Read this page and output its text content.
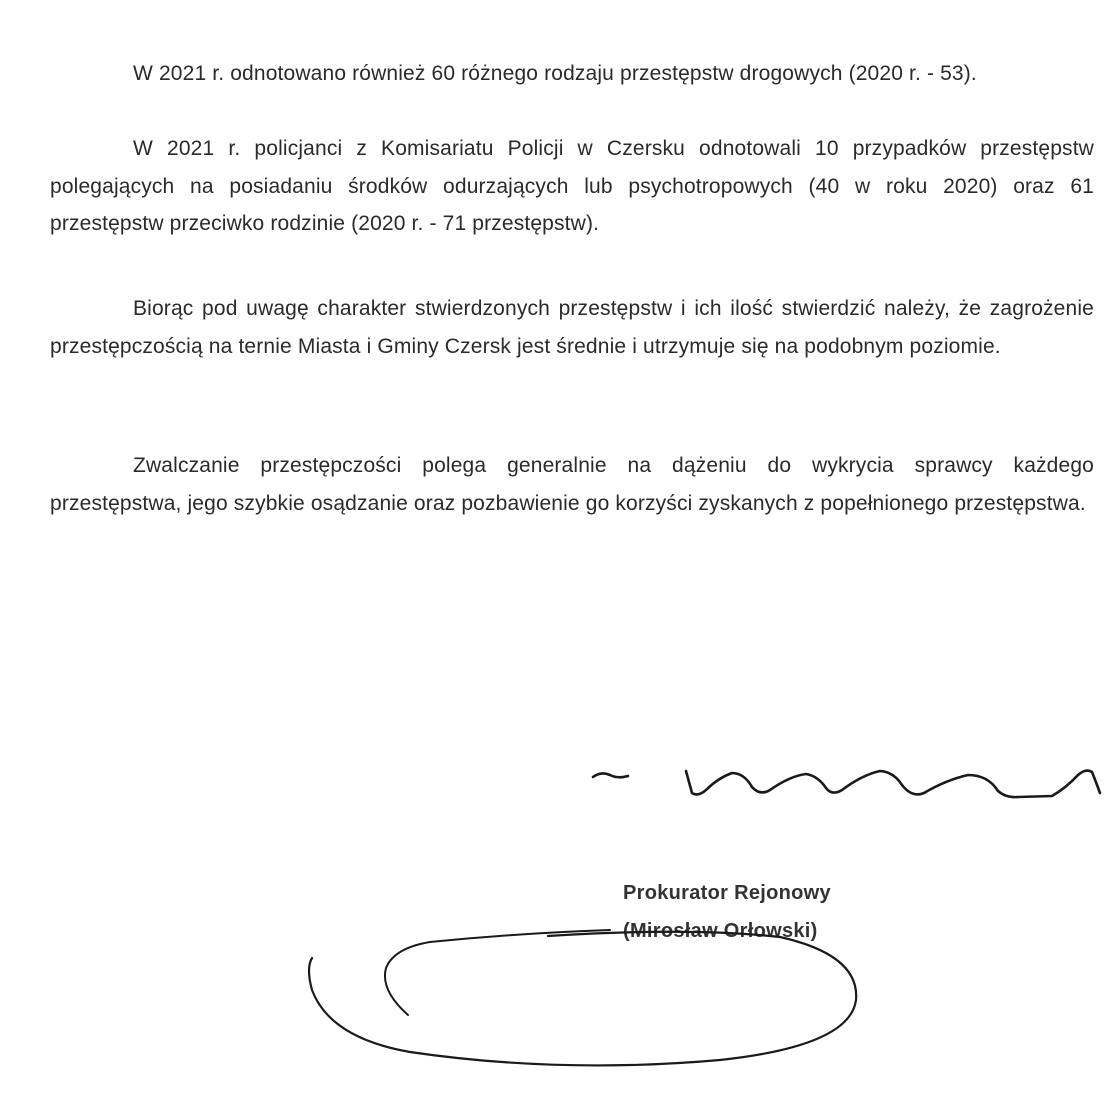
W 2021 r. odnotowano również 60 różnego rodzaju przestępstw drogowych (2020 r. - 53).

W 2021 r. policjanci z Komisariatu Policji w Czersku odnotowali 10 przypadków przestępstw polegających na posiadaniu środków odurzających lub psychotropowych (40 w roku 2020) oraz 61 przestępstw przeciwko rodzinie (2020 r. - 71 przestępstw).

Biorąc pod uwagę charakter stwierdzonych przestępstw i ich ilość stwierdzić należy, że zagrożenie przestępczością na ternie Miasta i Gminy Czersk jest średnie i utrzymuje się na podobnym poziomie.

Zwalczanie przestępczości polega generalnie na dążeniu do wykrycia sprawcy każdego przestępstwa, jego szybkie osądzanie oraz pozbawienie go korzyści zyskanych z popełnionego przestępstwa.

Prokurator Rejonowy
(Mirosław Orłowski)
